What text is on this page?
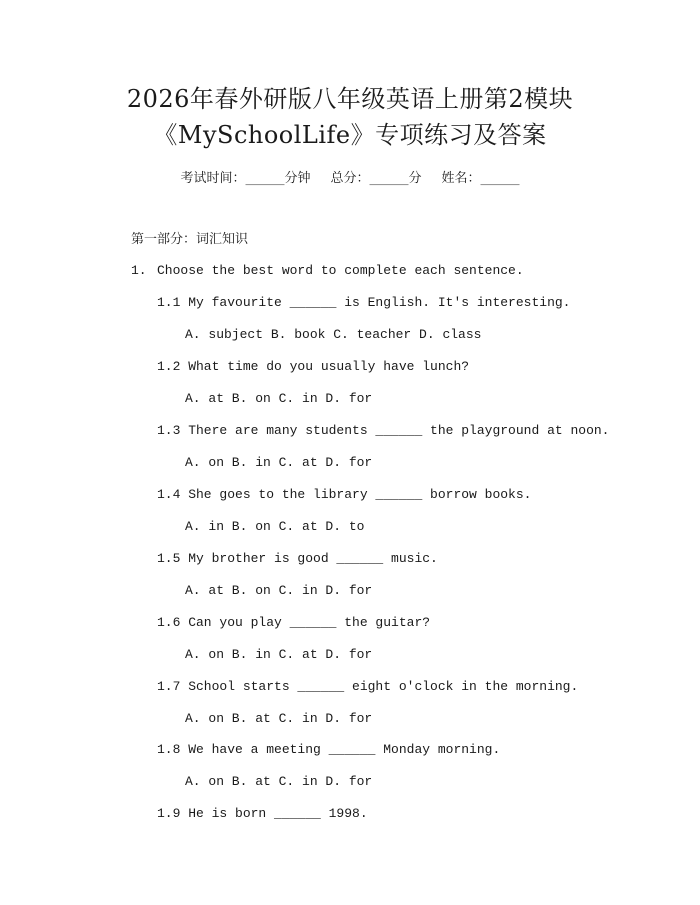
2026年春外研版八年级英语上册第2模块
《MySchoolLife》专项练习及答案
考试时间：______分钟 总分：______分 姓名：______
第一部分：词汇知识
1. Choose the best word to complete each sentence.
1.1 My favourite ______ is English. It's interesting.
A. subject B. book C. teacher D. class
1.2 What time do you usually have lunch?
A. at B. on C. in D. for
1.3 There are many students ______ the playground at noon.
A. on B. in C. at D. for
1.4 She goes to the library ______ borrow books.
A. in B. on C. at D. to
1.5 My brother is good ______ music.
A. at B. on C. in D. for
1.6 Can you play ______ the guitar?
A. on B. in C. at D. for
1.7 School starts ______ eight o'clock in the morning.
A. on B. at C. in D. for
1.8 We have a meeting ______ Monday morning.
A. on B. at C. in D. for
1.9 He is born ______ 1998.
